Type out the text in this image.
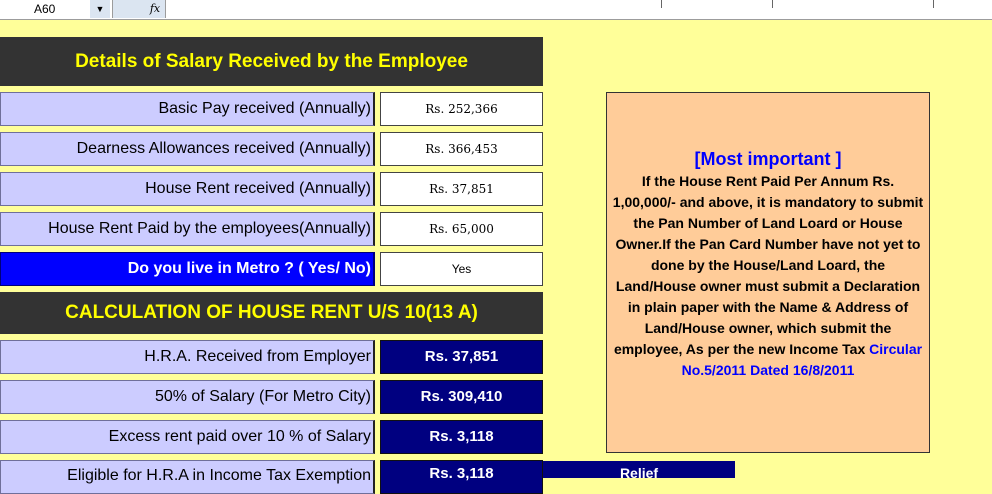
A60	▼	fx
Details of Salary Received by the Employee
Basic Pay received (Annually)	Rs. 252,366
Dearness Allowances received (Annually)	Rs. 366,453
House Rent received (Annually)	Rs. 37,851
House Rent Paid by the employees(Annually)	Rs. 65,000
Do you live in Metro ? ( Yes/ No)	Yes
CALCULATION OF HOUSE RENT U/S 10(13 A)
H.R.A. Received from Employer	Rs. 37,851
50% of Salary (For Metro City)	Rs. 309,410
Excess rent paid over 10 % of Salary	Rs. 3,118
Eligible for H.R.A in Income Tax Exemption	Rs. 3,118	Relief
[Most important ]
If the House Rent Paid Per Annum Rs. 1,00,000/- and above, it is mandatory to submit the Pan Number of Land Loard or House Owner.If the Pan Card Number have not yet to done by the House/Land Loard, the Land/House owner must submit a Declaration in plain paper with the Name & Address of Land/House owner, which submit the employee, As per the new Income Tax Circular No.5/2011 Dated 16/8/2011
